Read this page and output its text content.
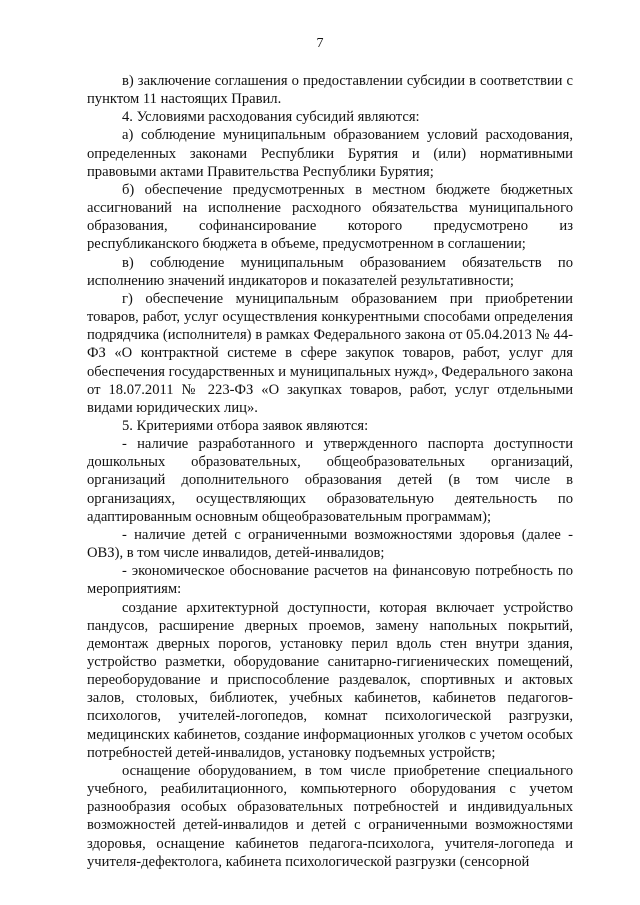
7

в) заключение соглашения о предоставлении субсидии в соответствии с пунктом 11 настоящих Правил.

4. Условиями расходования субсидий являются:

а) соблюдение муниципальным образованием условий расходования, определенных законами Республики Бурятия и (или) нормативными правовыми актами Правительства Республики Бурятия;

б) обеспечение предусмотренных в местном бюджете бюджетных ассигнований на исполнение расходного обязательства муниципального образования, софинансирование которого предусмотрено из республиканского бюджета в объеме, предусмотренном в соглашении;

в) соблюдение муниципальным образованием обязательств по исполнению значений индикаторов и показателей результативности;

г) обеспечение муниципальным образованием при приобретении товаров, работ, услуг осуществления конкурентными способами определения подрядчика (исполнителя) в рамках Федерального закона от 05.04.2013 № 44-ФЗ «О контрактной системе в сфере закупок товаров, работ, услуг для обеспечения государственных и муниципальных нужд», Федерального закона от 18.07.2011 № 223-ФЗ «О закупках товаров, работ, услуг отдельными видами юридических лиц».

5. Критериями отбора заявок являются:

- наличие разработанного и утвержденного паспорта доступности дошкольных образовательных, общеобразовательных организаций, организаций дополнительного образования детей (в том числе в организациях, осуществляющих образовательную деятельность по адаптированным основным общеобразовательным программам);

- наличие детей с ограниченными возможностями здоровья (далее - ОВЗ), в том числе инвалидов, детей-инвалидов;

- экономическое обоснование расчетов на финансовую потребность по мероприятиям:

создание архитектурной доступности, которая включает устройство пандусов, расширение дверных проемов, замену напольных покрытий, демонтаж дверных порогов, установку перил вдоль стен внутри здания, устройство разметки, оборудование санитарно-гигиенических помещений, переоборудование и приспособление раздевалок, спортивных и актовых залов, столовых, библиотек, учебных кабинетов, кабинетов педагогов-психологов, учителей-логопедов, комнат психологической разгрузки, медицинских кабинетов, создание информационных уголков с учетом особых потребностей детей-инвалидов, установку подъемных устройств;

оснащение оборудованием, в том числе приобретение специального учебного, реабилитационного, компьютерного оборудования с учетом разнообразия особых образовательных потребностей и индивидуальных возможностей детей-инвалидов и детей с ограниченными возможностями здоровья, оснащение кабинетов педагога-психолога, учителя-логопеда и учителя-дефектолога, кабинета психологической разгрузки (сенсорной
